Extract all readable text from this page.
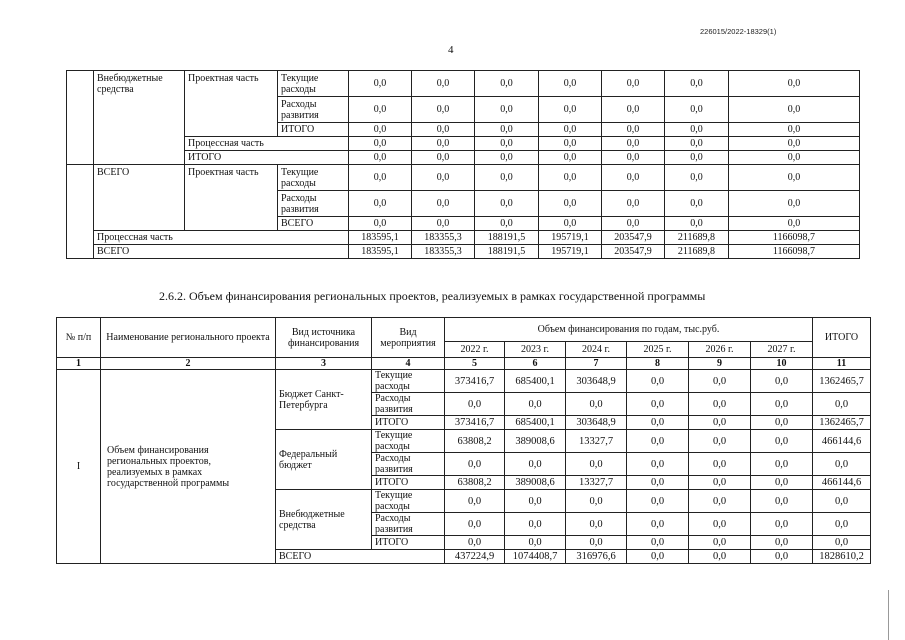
226015/2022-18329(1)
4
	Внебюджетные средства	Проектная часть	Текущие расходы	0,0	0,0	0,0	0,0	0,0	0,0	0,0
			Расходы развития	0,0	0,0	0,0	0,0	0,0	0,0	0,0
			ИТОГО	0,0	0,0	0,0	0,0	0,0	0,0	0,0
		Процессная часть		0,0	0,0	0,0	0,0	0,0	0,0	0,0
		ИТОГО		0,0	0,0	0,0	0,0	0,0	0,0	0,0
	ВСЕГО	Проектная часть	Текущие расходы	0,0	0,0	0,0	0,0	0,0	0,0	0,0
			Расходы развития	0,0	0,0	0,0	0,0	0,0	0,0	0,0
			ВСЕГО	0,0	0,0	0,0	0,0	0,0	0,0	0,0
	Процессная часть			183595,1	183355,3	188191,5	195719,1	203547,9	211689,8	1166098,7
	ВСЕГО			183595,1	183355,3	188191,5	195719,1	203547,9	211689,8	1166098,7
2.6.2. Объем финансирования региональных проектов, реализуемых в рамках государственной программы
№ п/п	Наименование регионального проекта	Вид источника финансирования	Вид мероприятия	Объем финансирования по годам, тыс.руб.						ИТОГО
				2022 г.	2023 г.	2024 г.	2025 г.	2026 г.	2027 г.	
1	2	3	4	5	6	7	8	9	10	11
I	Объем финансирования региональных проектов, реализуемых в рамках государственной программы	Бюджет Санкт-Петербурга	Текущие расходы	373416,7	685400,1	303648,9	0,0	0,0	0,0	1362465,7
			Расходы развития	0,0	0,0	0,0	0,0	0,0	0,0	0,0
			ИТОГО	373416,7	685400,1	303648,9	0,0	0,0	0,0	1362465,7
		Федеральный бюджет	Текущие расходы	63808,2	389008,6	13327,7	0,0	0,0	0,0	466144,6
			Расходы развития	0,0	0,0	0,0	0,0	0,0	0,0	0,0
			ИТОГО	63808,2	389008,6	13327,7	0,0	0,0	0,0	466144,6
		Внебюджетные средства	Текущие расходы	0,0	0,0	0,0	0,0	0,0	0,0	0,0
			Расходы развития	0,0	0,0	0,0	0,0	0,0	0,0	0,0
			ИТОГО	0,0	0,0	0,0	0,0	0,0	0,0	0,0
		ВСЕГО		437224,9	1074408,7	316976,6	0,0	0,0	0,0	1828610,2
